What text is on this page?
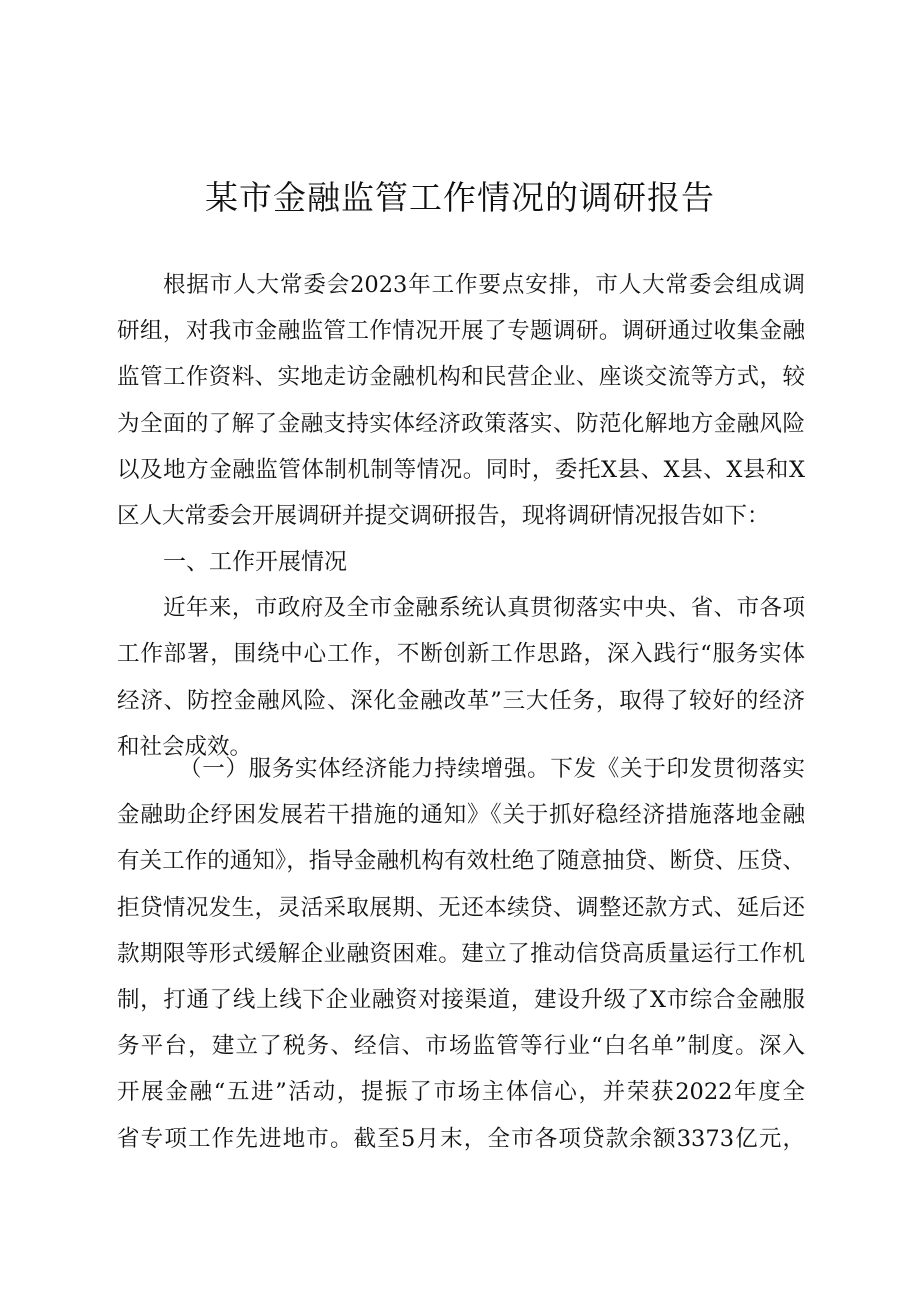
某市金融监管工作情况的调研报告
根据市人大常委会2023年工作要点安排，市人大常委会组成调
研组，对我市金融监管工作情况开展了专题调研。调研通过收集金融
监管工作资料、实地走访金融机构和民营企业、座谈交流等方式，较
为全面的了解了金融支持实体经济政策落实、防范化解地方金融风险
以及地方金融监管体制机制等情况。同时，委托X县、X县、X县和X
区人大常委会开展调研并提交调研报告，现将调研情况报告如下：
一、工作开展情况
近年来，市政府及全市金融系统认真贯彻落实中央、省、市各项
工作部署，围绕中心工作，不断创新工作思路，深入践行“服务实体
经济、防控金融风险、深化金融改革”三大任务，取得了较好的经济
和社会成效。
（一）服务实体经济能力持续增强。下发《关于印发贯彻落实
金融助企纾困发展若干措施的通知》《关于抓好稳经济措施落地金融
有关工作的通知》，指导金融机构有效杜绝了随意抽贷、断贷、压贷、
拒贷情况发生，灵活采取展期、无还本续贷、调整还款方式、延后还
款期限等形式缓解企业融资困难。建立了推动信贷高质量运行工作机
制，打通了线上线下企业融资对接渠道，建设升级了X市综合金融服
务平台，建立了税务、经信、市场监管等行业“白名单”制度。深入
开展金融“五进”活动，提振了市场主体信心，并荣获2022年度全
省专项工作先进地市。截至5月末，全市各项贷款余额3373亿元，
